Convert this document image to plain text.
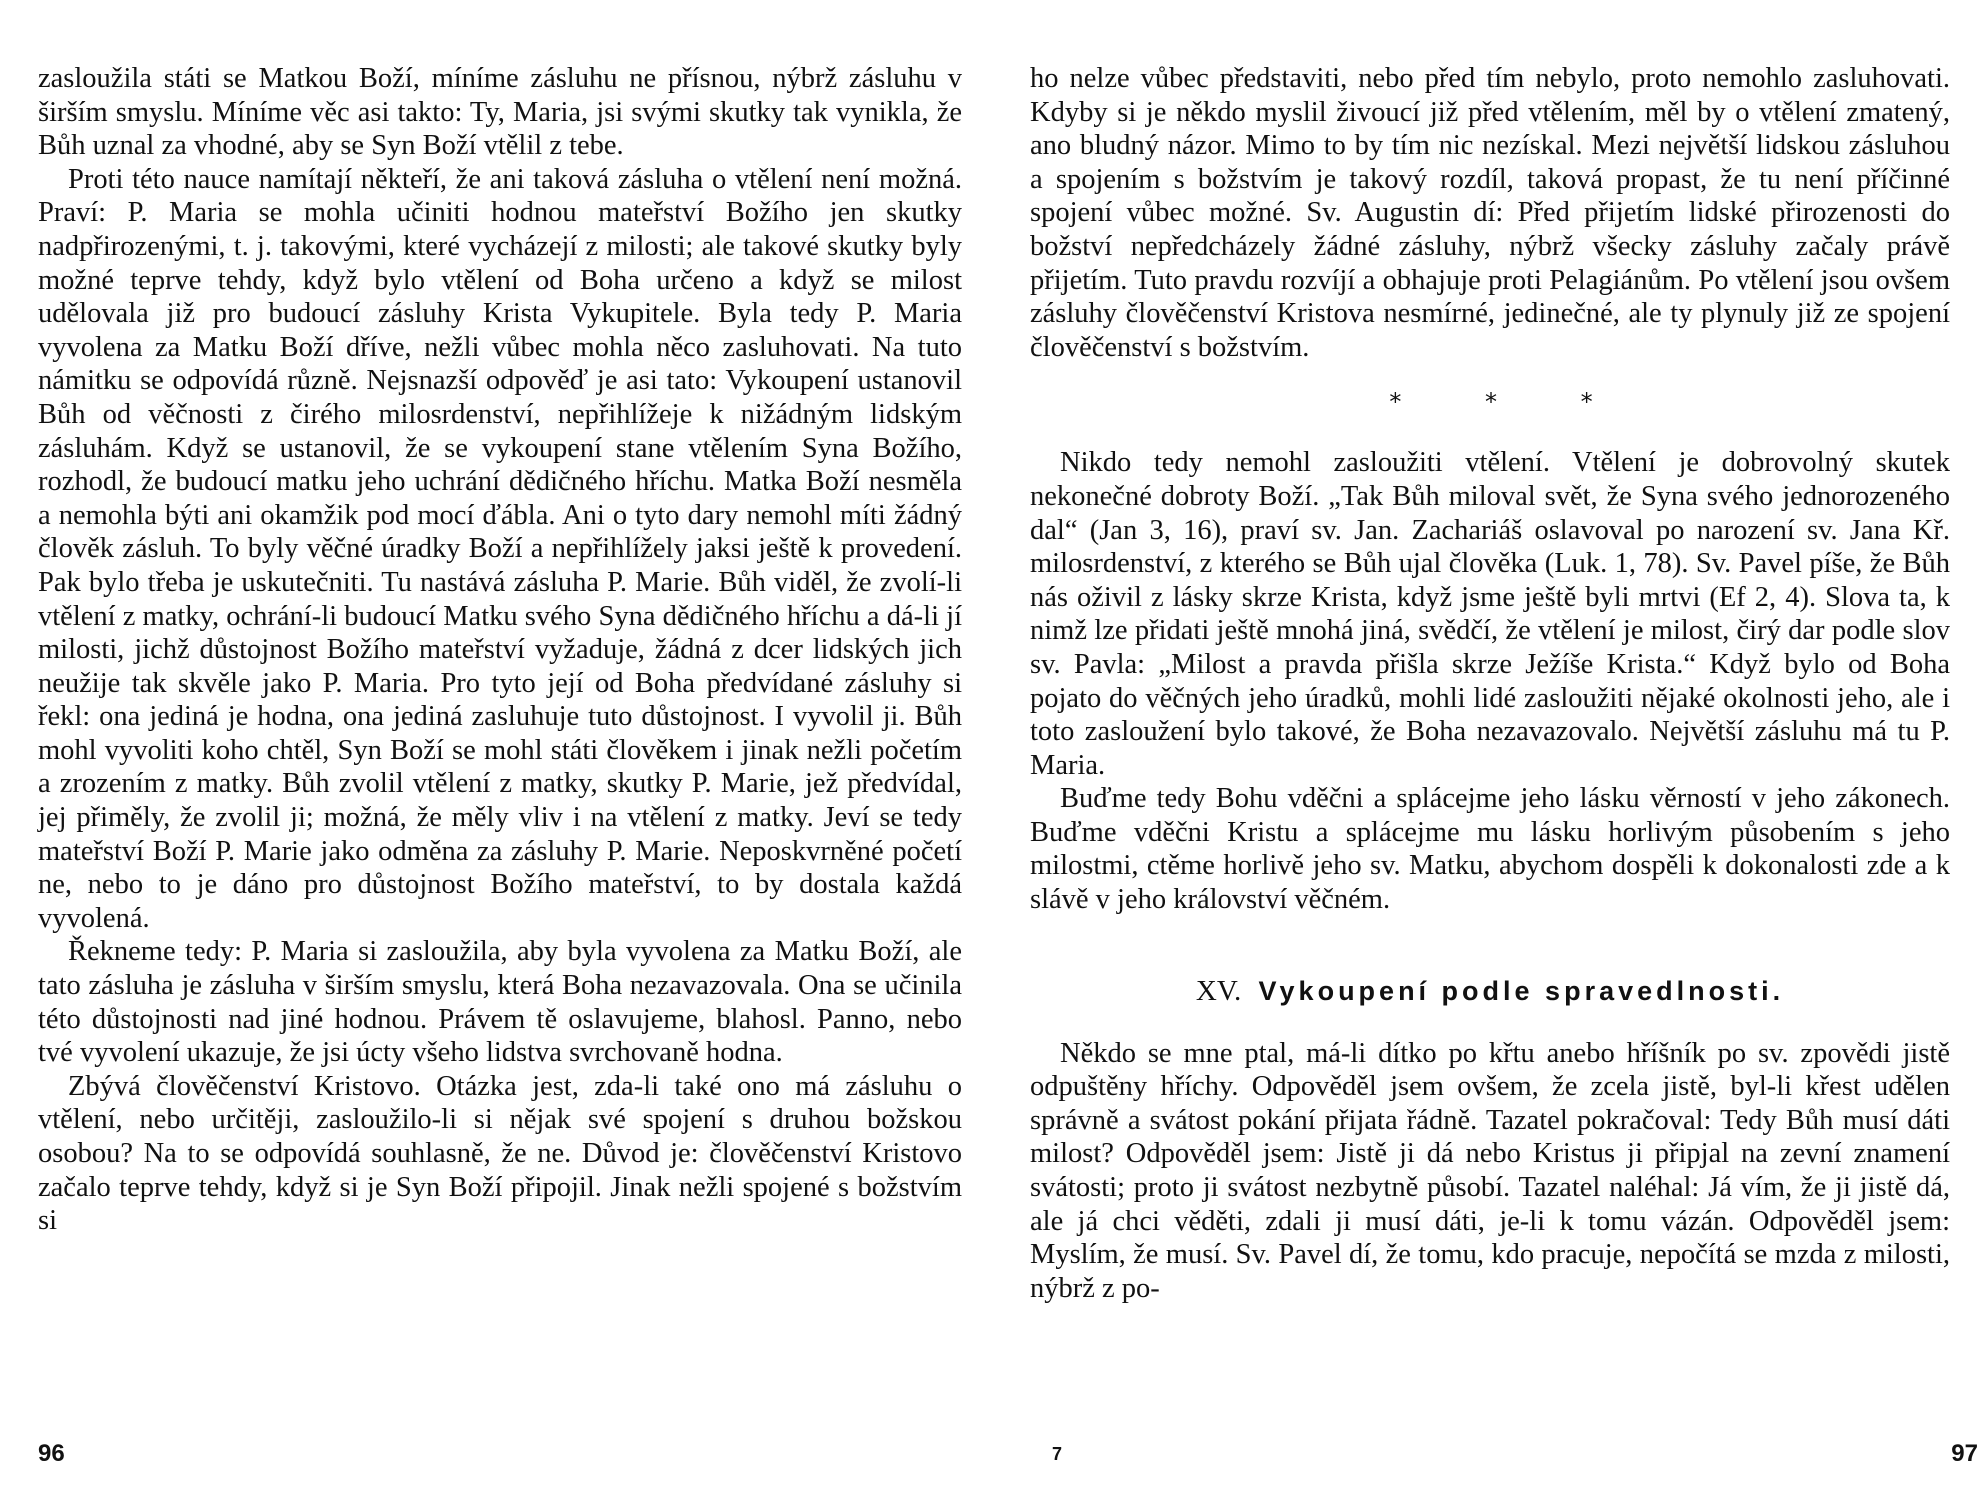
zasloužila státi se Matkou Boží, míníme zásluhu ne přísnou, nýbrž zásluhu v širším smyslu. Míníme věc asi takto: Ty, Maria, jsi svými skutky tak vynikla, že Bůh uznal za vhodné, aby se Syn Boží vtělil z tebe.

Proti této nauce namítají někteří, že ani taková zásluha o vtělení není možná. Praví: P. Maria se mohla učiniti hodnou mateřství Božího jen skutky nadpřirozenými, t. j. takovými, které vycházejí z milosti; ale takové skutky byly možné teprve tehdy, když bylo vtělení od Boha určeno a když se milost udělovala již pro budoucí zásluhy Krista Vykupitele. Byla tedy P. Maria vyvolena za Matku Boží dříve, nežli vůbec mohla něco zasluhovati. Na tuto námitku se odpovídá různě. Nejsnazší odpověď je asi tato: Vykoupení ustanovil Bůh od věčnosti z čirého milosrdenství, nepřihlížeje k nižádným lidským zásluhám. Když se ustanovil, že se vykoupení stane vtělením Syna Božího, rozhodl, že budoucí matku jeho uchrání dědičného hříchu. Matka Boží nesměla a nemohla býti ani okamžik pod mocí ďábla. Ani o tyto dary nemohl míti žádný člověk zásluh. To byly věčné úradky Boží a nepřihlížely jaksi ještě k provedení. Pak bylo třeba je uskutečniti. Tu nastává zásluha P. Marie. Bůh viděl, že zvolí-li vtělení z matky, ochrání-li budoucí Matku svého Syna dědičného hříchu a dá-li jí milosti, jichž důstojnost Božího mateřství vyžaduje, žádná z dcer lidských jich neužije tak skvěle jako P. Maria. Pro tyto její od Boha předvídané zásluhy si řekl: ona jediná je hodna, ona jediná zasluhuje tuto důstojnost. I vyvolil ji. Bůh mohl vyvoliti koho chtěl, Syn Boží se mohl státi člověkem i jinak nežli početím a zrozením z matky. Bůh zvolil vtělení z matky, skutky P. Marie, jež předvídal, jej přiměly, že zvolil ji; možná, že měly vliv i na vtělení z matky. Jeví se tedy mateřství Boží P. Marie jako odměna za zásluhy P. Marie. Neposkvrněné početí ne, nebo to je dáno pro důstojnost Božího mateřství, to by dostala každá vyvolená.

Řekneme tedy: P. Maria si zasloužila, aby byla vyvolena za Matku Boží, ale tato zásluha je zásluha v širším smyslu, která Boha nezavazovala. Ona se učinila této důstojnosti nad jiné hodnou. Právem tě oslavujeme, blahosl. Panno, nebo tvé vyvolení ukazuje, že jsi úcty všeho lidstva svrchovaně hodna.

Zbývá člověčenství Kristovo. Otázka jest, zda-li také ono má zásluhu o vtělení, nebo určitěji, zasloužilo-li si nějak své spojení s druhou božskou osobou? Na to se odpovídá souhlasně, že ne. Důvod je: člověčenství Kristovo začalo teprve tehdy, když si je Syn Boží připojil. Jinak nežli spojené s božstvím si

96

ho nelze vůbec představiti, nebo před tím nebylo, proto nemohlo zasluhovati. Kdyby si je někdo myslil živoucí již před vtělením, měl by o vtělení zmatený, ano bludný názor. Mimo to by tím nic nezískal. Mezi největší lidskou zásluhou a spojením s božstvím je takový rozdíl, taková propast, že tu není příčinné spojení vůbec možné. Sv. Augustin dí: Před přijetím lidské přirozenosti do božství nepředcházely žádné zásluhy, nýbrž všecky zásluhy začaly právě přijetím. Tuto pravdu rozvíjí a obhajuje proti Pelagiánům. Po vtělení jsou ovšem zásluhy člověčenství Kristova nesmírné, jedinečné, ale ty plynuly již ze spojení člověčenství s božstvím.

* * *

Nikdo tedy nemohl zasloužiti vtělení. Vtělení je dobrovolný skutek nekonečné dobroty Boží. „Tak Bůh miloval svět, že Syna svého jednorozeného dal“ (Jan 3, 16), praví sv. Jan. Zachariáš oslavoval po narození sv. Jana Kř. milosrdenství, z kterého se Bůh ujal člověka (Luk. 1, 78). Sv. Pavel píše, že Bůh nás oživil z lásky skrze Krista, když jsme ještě byli mrtvi (Ef 2, 4). Slova ta, k nimž lze přidati ještě mnohá jiná, svědčí, že vtělení je milost, čirý dar podle slov sv. Pavla: „Milost a pravda přišla skrze Ježíše Krista.“ Když bylo od Boha pojato do věčných jeho úradků, mohli lidé zasloužiti nějaké okolnosti jeho, ale i toto zasloužení bylo takové, že Boha nezavazovalo. Největší zásluhu má tu P. Maria.

Buďme tedy Bohu vděčni a splácejme jeho lásku věrností v jeho zákonech. Buďme vděčni Kristu a splácejme mu lásku horlivým působením s jeho milostmi, ctěme horlivě jeho sv. Matku, abychom dospěli k dokonalosti zde a k slávě v jeho království věčném.

XV. Vykoupení podle spravedlnosti.

Někdo se mne ptal, má-li dítko po křtu anebo hříšník po sv. zpovědi jistě odpuštěny hříchy. Odpověděl jsem ovšem, že zcela jistě, byl-li křest udělen správně a svátost pokání přijata řádně. Tazatel pokračoval: Tedy Bůh musí dáti milost? Odpověděl jsem: Jistě ji dá nebo Kristus ji připjal na zevní znamení svátosti; proto ji svátost nezbytně působí. Tazatel naléhal: Já vím, že ji jistě dá, ale já chci věděti, zdali ji musí dáti, je-li k tomu vázán. Odpověděl jsem: Myslím, že musí. Sv. Pavel dí, že tomu, kdo pracuje, nepočítá se mzda z milosti, nýbrž z po-

7	97
